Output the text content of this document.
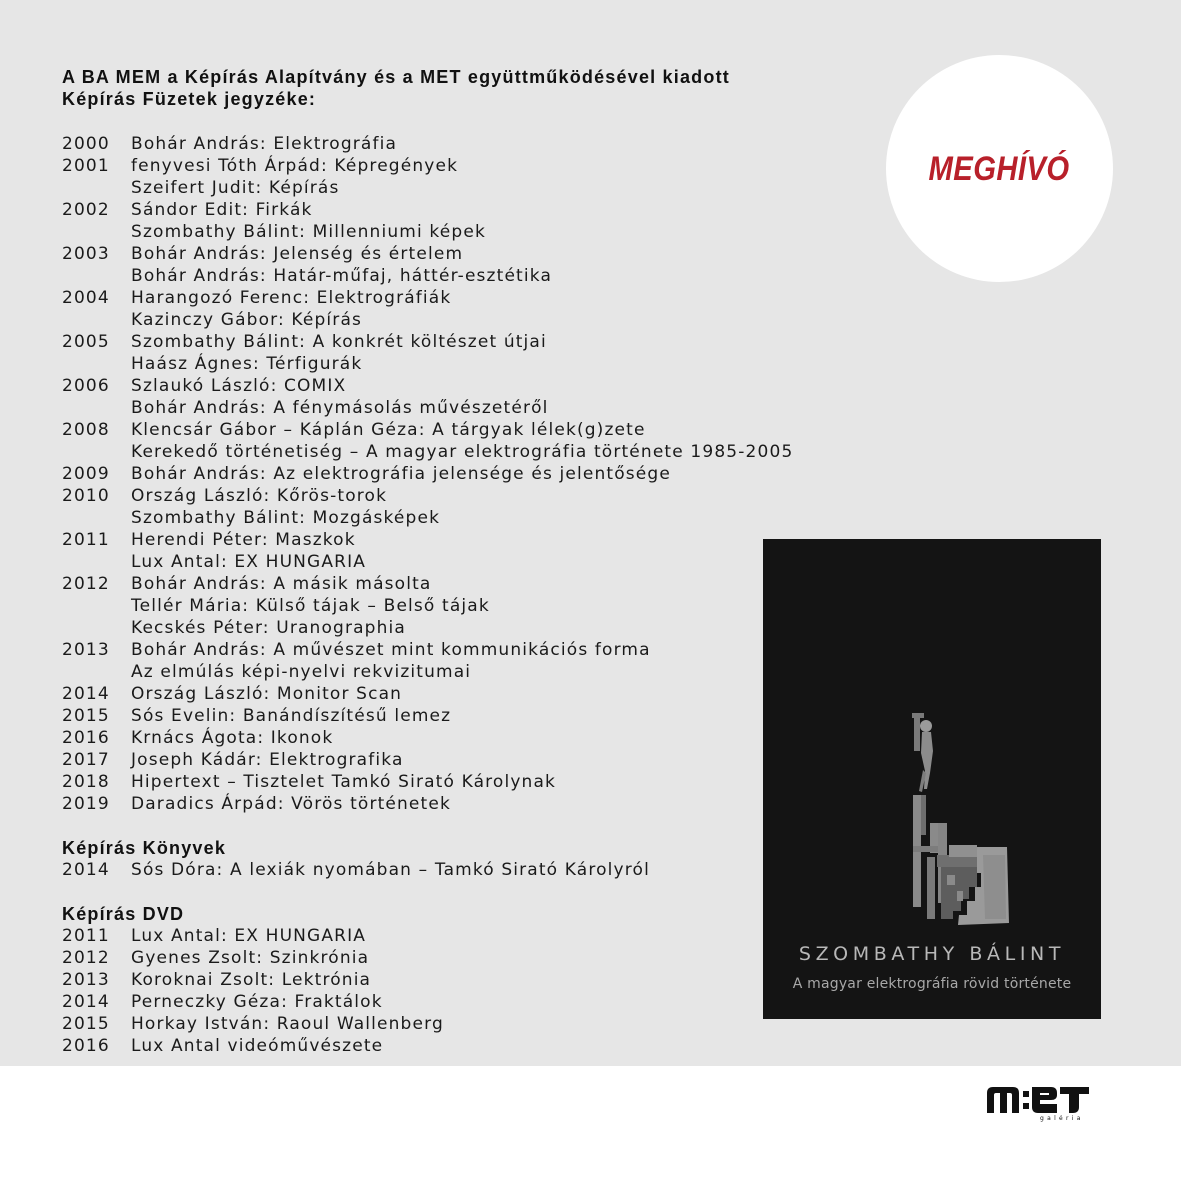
A BA MEM a Képírás Alapítvány és a MET együttműködésével kiadott
Képírás Füzetek jegyzéke:
2000	Bohár András: Elektrográfia
2001	fenyvesi Tóth Árpád: Képregények
Szeifert Judit: Képírás
2002	Sándor Edit: Firkák
Szombathy Bálint: Millenniumi képek
2003	Bohár András: Jelenség és értelem
Bohár András: Határ-műfaj, háttér-esztétika
2004	Harangozó Ferenc: Elektrográfiák
Kazinczy Gábor: Képírás
2005	Szombathy Bálint: A konkrét költészet útjai
Haász Ágnes: Térfigurák
2006	Szlaukó László: COMIX
Bohár András: A fénymásolás művészetéről
2008	Klencsár Gábor – Káplán Géza: A tárgyak lélek(g)zete
Kerekedő történetiség – A magyar elektrográfia története 1985-2005
2009	Bohár András: Az elektrográfia jelensége és jelentősége
2010	Ország László: Kőrös-torok
Szombathy Bálint: Mozgásképek
2011	Herendi Péter: Maszkok
Lux Antal: EX HUNGARIA
2012	Bohár András: A másik másolta
Tellér Mária: Külső tájak – Belső tájak
Kecskés Péter: Uranographia
2013	Bohár András: A művészet mint kommunikációs forma
Az elmúlás képi-nyelvi rekvizitumai
2014	Ország László: Monitor Scan
2015	Sós Evelin: Banándíszítésű lemez
2016	Krnács Ágota: Ikonok
2017	Joseph Kádár: Elektrografika
2018	Hipertext – Tisztelet Tamkó Sirató Károlynak
2019	Daradics Árpád: Vörös történetek
Képírás Könyvek
2014	Sós Dóra: A lexiák nyomában – Tamkó Sirató Károlyról
Képírás DVD
2011	Lux Antal: EX HUNGARIA
2012	Gyenes Zsolt: Szinkrónia
2013	Koroknai Zsolt: Lektrónia
2014	Perneczky Géza: Fraktálok
2015	Horkay István: Raoul Wallenberg
2016	Lux Antal videóművészete
MEGHÍVÓ
SZOMBATHY BÁLINT
A magyar elektrográfia rövid története
galéria
